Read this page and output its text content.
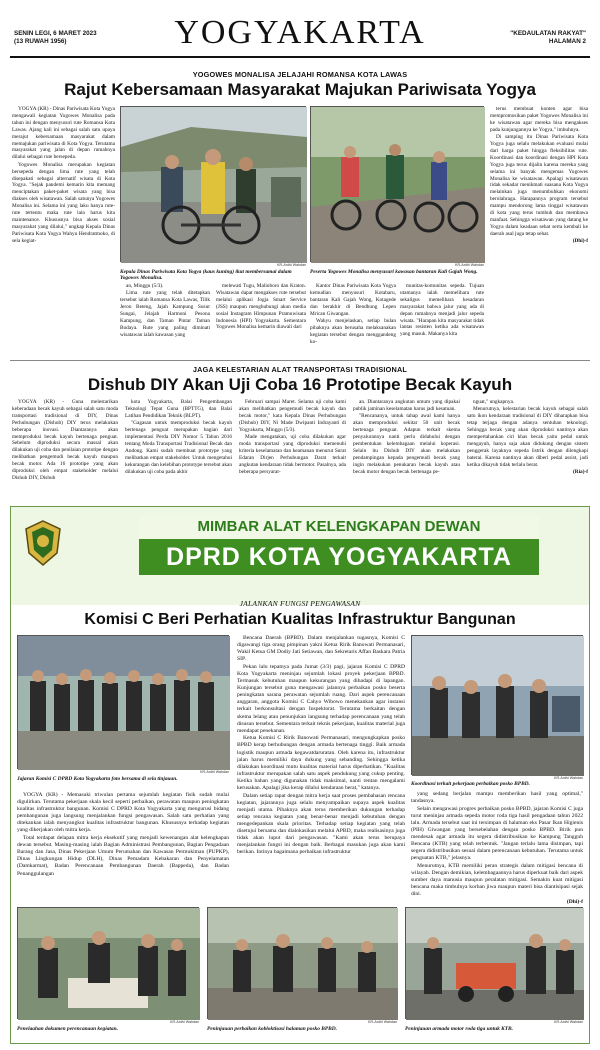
SENIN LEGI, 6 MARET 2023
(13 RUWAH 1956)	YOGYAKARTA	"KEDAULATAN RAKYAT"
HALAMAN 2
YOGOWES MONALISA JELAJAHI ROMANSA KOTA LAWAS
Rajut Kebersamaan Masyarakat Majukan Pariwisata Yogya

YOGYA (KR) - Dinas Pariwisata Kota Yogya mengawali kegiatan Yogowes Monalisa pada tahun ini dengan menyusuri rute Romansa Kota Lawas. Ajang kali ini sebagai salah satu upaya merajut kebersamaan masyarakat dalam memajukan pariwisata di Kota Yogya. Terutama masyarakat yang jalan di depan rumahnya dilalui sebagai rute bersepeda.

Yogowes Monalisa merupakan kegiatan bersepeda dengan lima rute yang telah disepakati sebagai alternatif wisata di Kota Yogya. "Sejak pandemi kemarin kita memang menciptakan paket-paket wisata yang bisa diakses oleh wisatawan. Salah satunya Yogowes Monalisa ini. Selama ini yang laku hanya rute-rute tertentu maka rute lain harus kita maintenance. Khususnya bisa akses sosial masyarakat yang dilalui," ungkap Kepala Dinas Pariwisata Kota Yogya Wahyu Hendratmoko, di sela kegiat-

KR-Ardhi Wahdan
Kepala Dinas Pariwisata Kota Yogya (kaus kuning) ikut membersamai dalam Yogowes Monalisa.
KR-Ardhi Wahdan
Peserta Yogowes Monalisa menyusuri kawasan bantaran Kali Gajah Wong.

an, Minggu (5/3).

Lima rute yang telah ditetapkan tersebut ialah Romansa Kota Lawas, Tilik Jeron Beteng, Jajah Kampung Susur Sungai, Jelajah Harmoni Pesona Kampung, dan Taman Pintar Taman Budaya. Rute yang paling diminati wisatawan ialah kawasan yang

melewati Tugu, Malioboro dan Kraton. Wisatawan dapat mengakses rute tersebut melalui aplikasi Jogja Smart Service (JSS) maupun menghubungi akun media sosial Instagram Himpunan Pramuwisata Indonesia (HPI) Yogyakarta. Sementara Yogowes Monalisa kemarin diawali dari

Kantor Dinas Pariwisata Kota Yogya kemudian menyusuri Kotabaru, bantaran Kali Gajah Wong, Kotagede dan berakhir di Bendhung Lepen Mrican Giwangan.

Wahyu menjelaskan, setiap bulan pihaknya akan berusaha melaksanakan kegiatan tersebut dengan menggandeng ko-

munitas-komunitas sepeda. Tujuan utamanya ialah memelihara rute sekaligus memelihara kesadaran masyarakat bahwa jalur yang ada di depan rumahnya menjadi jalur sepeda wisata. "Harapan kita masyarakat tidak lantas resisten ketika ada wisatawan yang masuk. Makanya kita

terus membuat konten agar bisa mempromosikan paket Yogowes Monalisa ini ke wisatawan agar mereka bisa mengakses pada kunjungannya ke Yogya," imbuhnya.

Di samping itu Dinas Pariwisata Kota Yogya juga selalu melakukan evaluasi mulai dari harga paket hingga fleksibilitas rute. Koordinasi dan koordinasi dengan HPI Kota Yogya juga terus dijalin karena mereka yang selama ini banyak mengemas Yogowes Monalisa ke wisatawan. Apalagi wisatawan tidak sekadar menikmati suasana Kota Yogya melainkan juga menumbuhkan ekonomi berolahraga. Harapannya program tersebut mampu mendorong lama tinggal wisatawan di kota yang terus tumbuh dan membawa manfaat. Sehingga wisatawan yang datang ke Yogya dalam keadaan sehat serta kembali ke daerah asal juga tetap sehat.

(Dhi)-f

JAGA KELESTARIAN ALAT TRANSPORTASI TRADISIONAL
Dishub DIY Akan Uji Coba 16 Prototipe Becak Kayuh

YOGYA (KR) - Guna melestarikan keberadaan becak kayuh sebagai salah satu moda transportasi tradisional di DIY, Dinas Perhubungan (Dishub) DIY terus melakukan beberapa inovasi. Diantaranya akan memproduksi becak kayuh bertenaga penguat. Sebelum diproduksi secara massal akan dilakukan uji coba dan penilaian prototipe dengan melibatkan pengemudi becak kayuh maupun becak motor. Ada 16 prototipe yang akan diproduksi oleh empat stakeholder melalui Dishub DIY, Dishub

kota Yogyakarta, Balai Pengembangan Teknologi Tepat Guna (BPTTG), dan Balai Latihan Pendidikan Teknik (BLPT).

"Gagasan untuk memproduksi becak kayuh bertenaga penguat merupakan bagian dari implementasi Perda DIY Nomor 5 Tahun 2016 tentang Moda Transportasi Tradisional Becak dan Andong. Kami sudah membuat prototype yang melibatkan empat stakeholder. Untuk mengetahui kekurangan dan kelebihan prototype tersebut akan dilakukan uji coba pada akhir

Februari sampai Maret. Selama uji coba kami akan melibatkan pengemudi becak kayuh dan becak motor," kata Kepala Dinas Perhubungan (Dishub) DIY, Ni Made Dwipanti Indrayanti di Yogyakarta, Minggu (5/3).

Made mengatakan, uji coba dilakukan agar moda transportasi yang diproduksi memenuhi kriteria keselamatan dan keamanan menurut Surat Edaran Dirjen Perhubungan Darat terkait angkutan kendaraan tidak bermotor. Pasalnya, ada beberapa persyarat-

an. Diantaranya angkutan umum yang dipakai publik jaminan keselamatan harus jadi kesatuan.

"Rencananya, untuk tahap awal kami hanya akan memproduksi sekitar 50 unit becak bertenaga penguat. Adapun terkait skema penyalurannya nanti perlu didahului dengan pembentukan kelembagaan melalui koperasi. Selain itu Dishub DIY akan melakukan pendampingan kepada pengemudi becak yang ingin melakukan penukaran becak kayuh atau becak motor dengan becak bertenaga pe-

nguat," ungkapnya.

Menurutnya, kelestarian becak kayuh sebagai salah satu ikon kendaraan tradisional di DIY diharapkan bisa tetap terjaga dengan adanya sentuhan teknologi. Sehingga becak yang akan diproduksi nantinya akan mempertahankan ciri khas becak yaitu pedal untuk mengayuh, hanya saja akan didukung dengan sistem penggerak layaknya sepeda listrik dengan dilengkapi baterai. Karena nantinya akan diberi pedal assist, jadi ketika dikayuh tidak terlalu berat.

(Ria)-f

MIMBAR ALAT KELENGKAPAN DEWAN
DPRD KOTA YOGYAKARTA
JALANKAN FUNGSI PENGAWASAN
Komisi C Beri Perhatian Kualitas Infrastruktur Bangunan
KR-Ardhi Wahdan
Jajaran Komisi C DPRD Kota Yogyakarta foto bersama di sela tinjauan.

YOGYA (KR) - Memasuki triwulan pertama sejumlah kegiatan fisik sudah mulai digulirkan. Terutama pekerjaan skala kecil seperti perbaikan, perawatan maupun peningkatan kualitas infrastruktur bangunan. Komisi C DPRD Kota Yogyakarta yang mengurusi bidang pembangunan juga langsung menjalankan fungsi pengawasan. Salah satu perhatian yang ditekankan ialah menyangkut kualitas infrastruktur bangunan. Khususnya terhadap kegiatan yang dikerjakan oleh mitra kerja.

Total terdapat delapan mitra kerja eksekutif yang menjadi kewenangan alat kelengkapan dewan tersebut. Masing-masing ialah Bagian Administrasi Pembangunan, Bagian Pengadaan Barang dan Jasa, Dinas Pekerjaan Umum Perumahan dan Kawasan Permukiman (PUPKP), Dinas Lingkungan Hidup (DLH), Dinas Pemadam Kebakaran dan Penyelamatan (Damkarmat), Badan Perencanaan Pembangunan Daerah (Bappeda), dan Badan Penanggulangan

Bencana Daerah (BPBD). Dalam menjalankan tugasnya, Komisi C digawangi tiga orang pimpinan yakni Ketua Ririk Banowati Permanasari, Wakil Ketua GM Dodiy Jati Setiawan, dan Sekretaris Affan Baskara Patria SIP.

Pekan lalu tepatnya pada Jumat (3/3) pagi, jajaran Komisi C DPRD Kota Yogyakarta meninjau sejumlah lokasi proyek pekerjaan BPBD. Termasuk kebutuhan maupun kekurangan yang dihadapi di lapangan. Kunjungan tersebut guna mengawasi jalannya perbaikan posko beserta peningkatan sarana perawatan sejumlah ruang. Dari aspek perencanaan anggaran, anggota Komisi C Cahyo Wibowo menekankan agar instansi terkait berkonsultasi dengan Inspektorat. Terutama berkaitan dengan skema lelang atau penunjukan langsung terhadap perencanaan yang telah disusun tersebut. Sementara terkait teknis pekerjaan, kualitas material juga mendapat penekanan.

Ketua Komisi C Ririk Banowati Permanasari, mengungkapkan posko BPBD kerap berhubungan dengan armada bertenaga tinggi. Baik armada logistik maupun armada kegawatdaruratan. Oleh karena itu, infrastruktur jalan harus memiliki daya dukung yang sebanding. Sehingga ketika dilakukan koordinasi mutu kualitas material harus diperhatikan. "Kualitas infrastruktur merupakan salah satu aspek pendukung yang cukup penting. Ketika bahan yang digunakan tidak maksimal, nanti rentan mengalami kerusakan. Apalagi jika kerap dilalui kendaraan berat," katanya.

Dalam setiap rapat dengan mitra kerja saat proses pembahasan rencana kegiatan, jajarannya juga selalu menyampaikan supaya aspek kualitas menjadi utama. Pihaknya akan terus memberikan dukungan terhadap setiap rencana kegiatan yang benar-benar menjadi kebutuhan dengan mengedepankan skala prioritas. Terhadap setiap kegiatan yang telah disetujui bersama dan dialokasikan melalui APBD, maka realisasinya juga tidak akan luput dari pengawasan. "Kami akan terus berupaya menjalankan fungsi ini dengan baik. Berbagai masukan juga akan kami berikan. Intinya bagaimana perbaikan infrastruktur

KR-Ardhi Wahdan
Koordinasi terkait pekerjaan perbaikan posko BPBD.

yang sedang berjalan mampu memberikan hasil yang optimal," tandasnya.

Selain mengawasi progres perbaikan posko BPBD, jajaran Komisi C juga turut meninjau armada sepeda motor roda tiga hasil pengadaan tahun 2022 lalu. Armada tersebut saat ini tersimpan di halaman eks Pasar Ikan Higienis (PIH) Giwangan yang bersebelahan dengan posko BPBD. Birik pun mendesak agar armada itu segera didistribusikan ke Kampung Tangguh Bencana (KTB) yang telah terbentuk. "Jangan terlalu lama disimpan, tapi segera didistribusikan sesuai dalam perencanaan kebutuhan. Terutama untuk penguatan KTB," jelasnya.

Menurutnya, KTB memiliki peran strategis dalam mitigasi bencana di wilayah. Dengan demikian, kelembagaannya harus diperkuat baik dari aspek sumber daya manusia maupun peralatan mitigasi. Semakin kuat mitigasi bencana maka timbulnya korban jiwa maupun materi bisa diantisipasi sejak dini.

(Dhi)-f

KR-Ardhi Wahdan
Penelaahan dokumen perencanaan kegiatan.
KR-Ardhi Wahdan
Peninjauan perbaikan kobloktisasi halaman posko BPBD.
KR-Ardhi Wahdan
Peninjauan armada motor roda tiga untuk KTB.
